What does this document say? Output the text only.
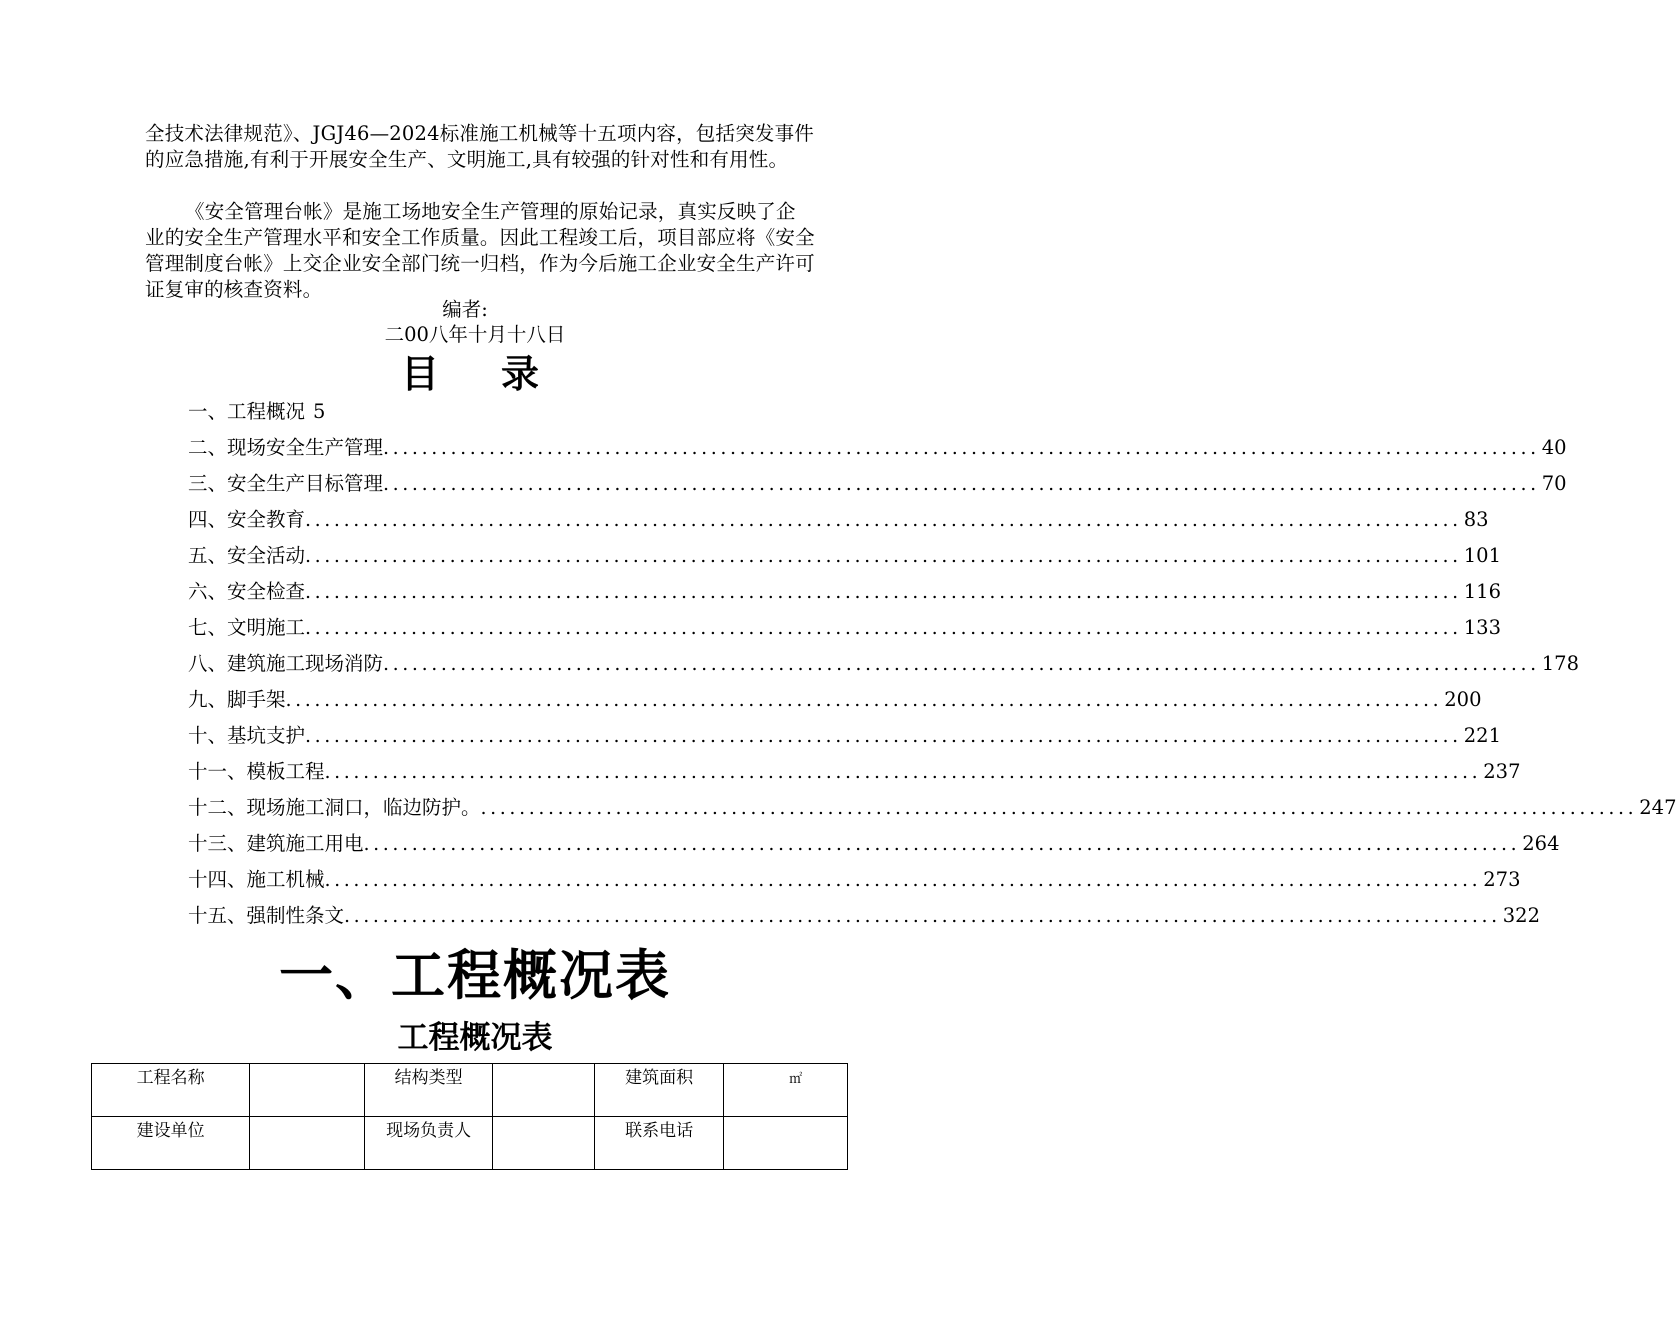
全技术法律规范》、JGJ46—2024标准施工机械等十五项内容，包括突发事件的应急措施,有利于开展安全生产、文明施工,具有较强的针对性和有用性。

《安全管理台帐》是施工场地安全生产管理的原始记录，真实反映了企业的安全生产管理水平和安全工作质量。因此工程竣工后，项目部应将《安全管理制度台帐》上交企业安全部门统一归档，作为今后施工企业安全生产许可证复审的核查资料。

编者:
二00八年十月十八日
目录
一、工程概况 5
二、现场安全生产管理 ........................................................................................................................ 40
三、安全生产目标管理 ........................................................................................................................ 70
四、安全教育 ........................................................................................................................ 83
五、安全活动 ........................................................................................................................ 101
六、安全检查 ........................................................................................................................ 116
七、文明施工 ........................................................................................................................ 133
八、建筑施工现场消防 ........................................................................................................................ 178
九、脚手架 ........................................................................................................................ 200
十、基坑支护 ........................................................................................................................ 221
十一、模板工程 ........................................................................................................................ 237
十二、现场施工洞口，临边防护。 ........................................................................................................................ 247
十三、建筑施工用电 ........................................................................................................................ 264
十四、施工机械 ........................................................................................................................ 273
十五、强制性条文 ........................................................................................................................ 322
一、工程概况表
工程概况表
工程名称		结构类型		建筑面积	㎡
建设单位		现场负责人		联系电话	
